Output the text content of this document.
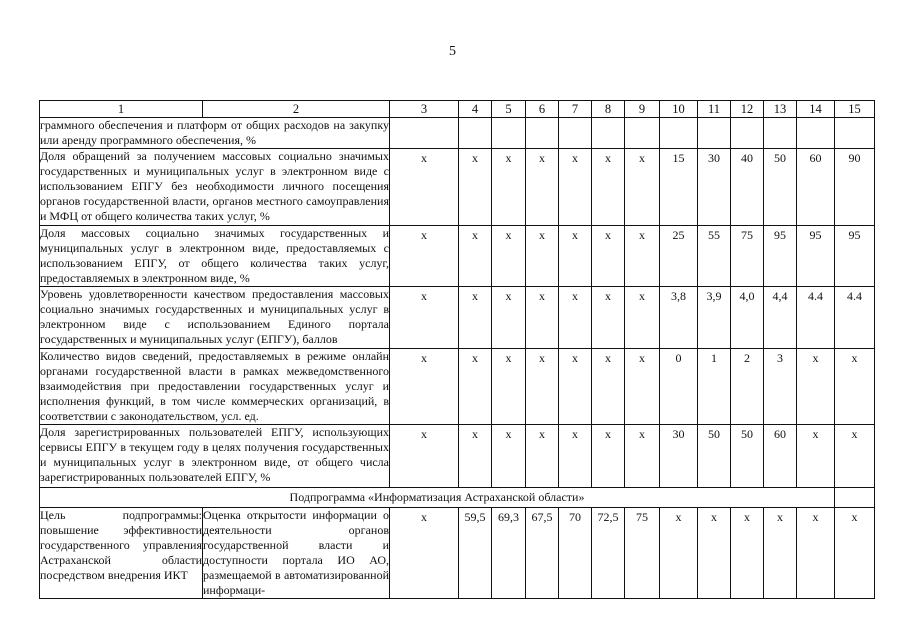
5
1	2	3	4	5	6	7	8	9	10	11	12	13	14	15
граммного обеспечения и платформ от общих расходов на закупку или аренду программного обеспечения, %														
Доля обращений за получением массовых социально значимых государственных и муниципальных услуг в электронном виде с использованием ЕПГУ без необходимости личного посещения органов государственной власти, органов местного самоуправления и МФЦ от общего количества таких услуг, %		х	х	х	х	х	х	х	15	30	40	50	60	90
Доля массовых социально значимых государственных и муниципальных услуг в электронном виде, предоставляемых с использованием ЕПГУ, от общего количества таких услуг, предоставляемых в электронном виде, %		х	х	х	х	х	х	х	25	55	75	95	95	95
Уровень удовлетворенности качеством предоставления массовых социально значимых государственных и муниципальных услуг в электронном виде с использованием Единого портала государственных и муниципальных услуг (ЕПГУ), баллов		х	х	х	х	х	х	х	3,8	3,9	4,0	4,4	4.4	4.4
Количество видов сведений, предоставляемых в режиме онлайн органами государственной власти в рамках межведомственного взаимодействия при предоставлении государственных услуг и исполнения функций, в том числе коммерческих организаций, в соответствии с законодательством, усл. ед.		х	х	х	х	х	х	х	0	1	2	3	х	х
Доля зарегистрированных пользователей ЕПГУ, использующих сервисы ЕПГУ в текущем году в целях получения государственных и муниципальных услуг в электронном виде, от общего числа зарегистрированных пользователей ЕПГУ, %		х	х	х	х	х	х	х	30	50	50	60	х	х
Подпрограмма «Информатизация Астраханской области»														
Цель подпрограммы: повышение эффективности государственного управления Астраханской области посредством внедрения ИКТ	Оценка открытости информации о деятельности органов государственной власти и доступности портала ИО АО, размещаемой в автоматизированной информаци-	х	59,5	69,3	67,5	70	72,5	75	х	х	х	х	х	х
